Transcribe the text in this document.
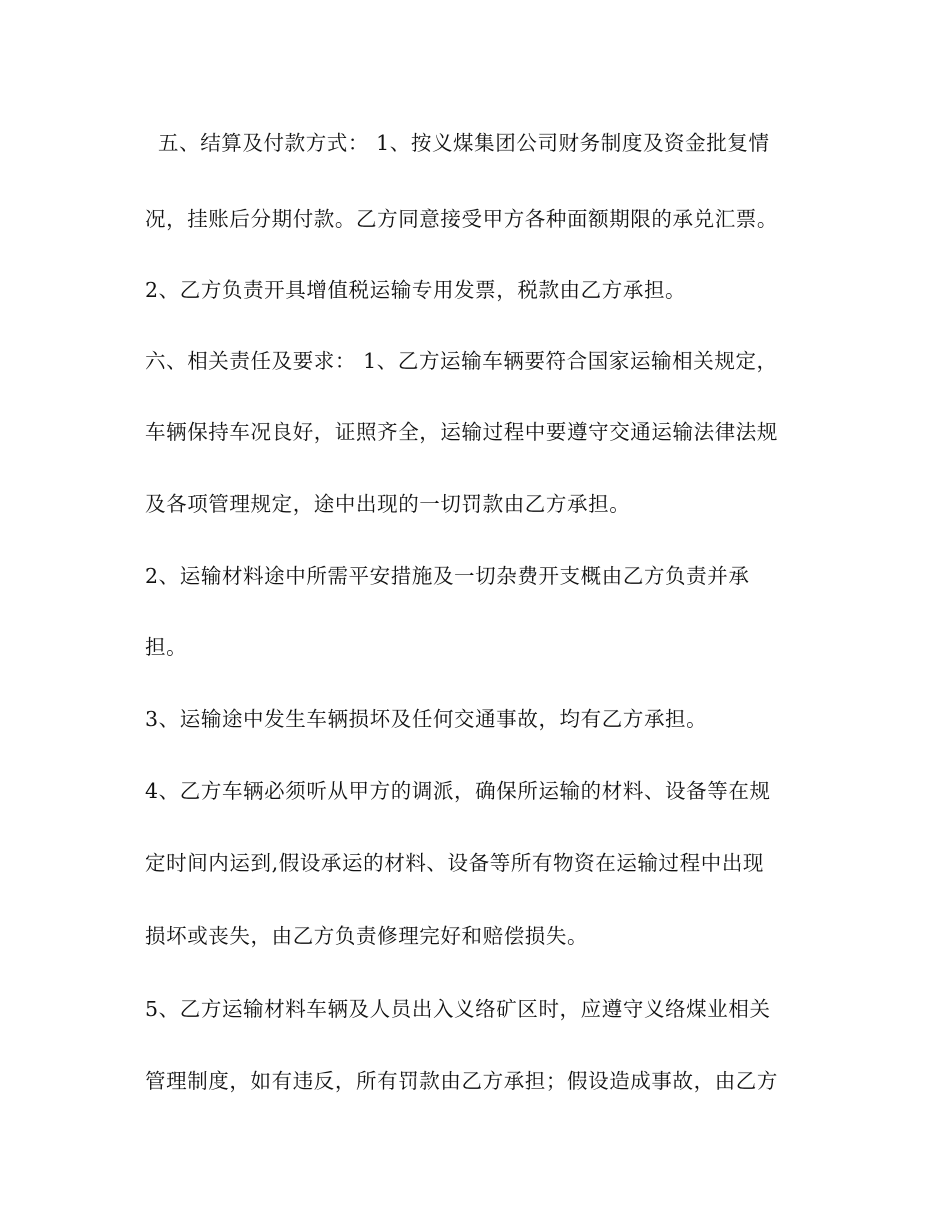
五、结算及付款方式： 1、按义煤集团公司财务制度及资金批复情
况，挂账后分期付款。乙方同意接受甲方各种面额期限的承兑汇票。
2、乙方负责开具增值税运输专用发票，税款由乙方承担。
六、相关责任及要求： 1、乙方运输车辆要符合国家运输相关规定，
车辆保持车况良好，证照齐全，运输过程中要遵守交通运输法律法规
及各项管理规定，途中出现的一切罚款由乙方承担。
2、运输材料途中所需平安措施及一切杂费开支概由乙方负责并承
担。
3、运输途中发生车辆损坏及任何交通事故，均有乙方承担。
4、乙方车辆必须听从甲方的调派，确保所运输的材料、设备等在规
定时间内运到,假设承运的材料、设备等所有物资在运输过程中出现
损坏或丧失，由乙方负责修理完好和赔偿损失。
5、乙方运输材料车辆及人员出入义络矿区时，应遵守义络煤业相关
管理制度，如有违反，所有罚款由乙方承担；假设造成事故，由乙方
